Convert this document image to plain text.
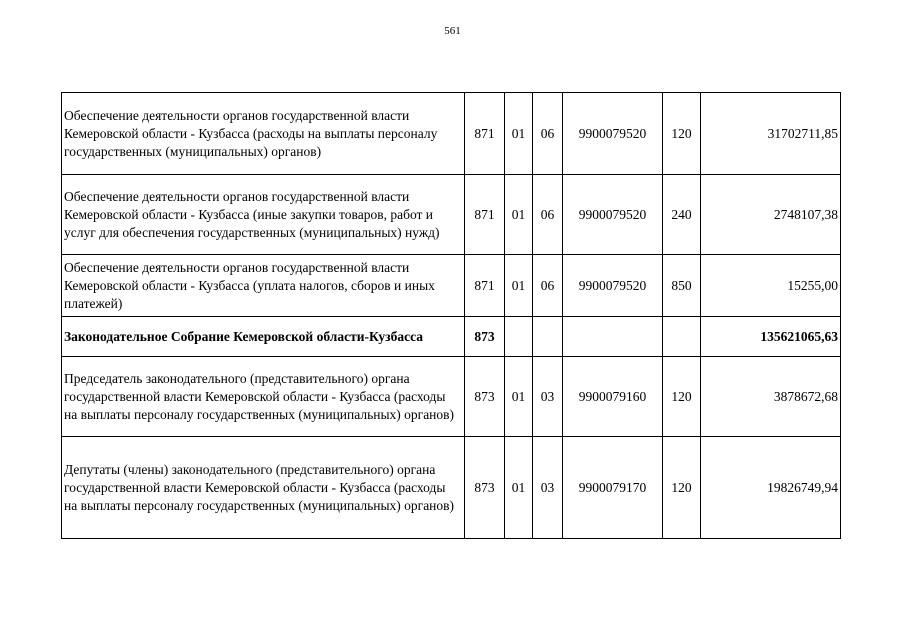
561
Обеспечение деятельности органов государственной власти Кемеровской области - Кузбасса (расходы на выплаты персоналу государственных (муниципальных) органов)	871	01	06	9900079520	120	31702711,85
Обеспечение деятельности органов государственной власти Кемеровской области - Кузбасса (иные закупки товаров, работ и услуг для обеспечения государственных (муниципальных) нужд)	871	01	06	9900079520	240	2748107,38
Обеспечение деятельности органов государственной власти Кемеровской области - Кузбасса (уплата налогов, сборов и иных платежей)	871	01	06	9900079520	850	15255,00
Законодательное Собрание Кемеровской области-Кузбасса	873					135621065,63
Председатель законодательного (представительного) органа государственной власти Кемеровской области - Кузбасса (расходы на выплаты персоналу государственных (муниципальных) органов)	873	01	03	9900079160	120	3878672,68
Депутаты (члены) законодательного (представительного) органа государственной власти Кемеровской области - Кузбасса (расходы на выплаты персоналу государственных (муниципальных) органов)	873	01	03	9900079170	120	19826749,94
